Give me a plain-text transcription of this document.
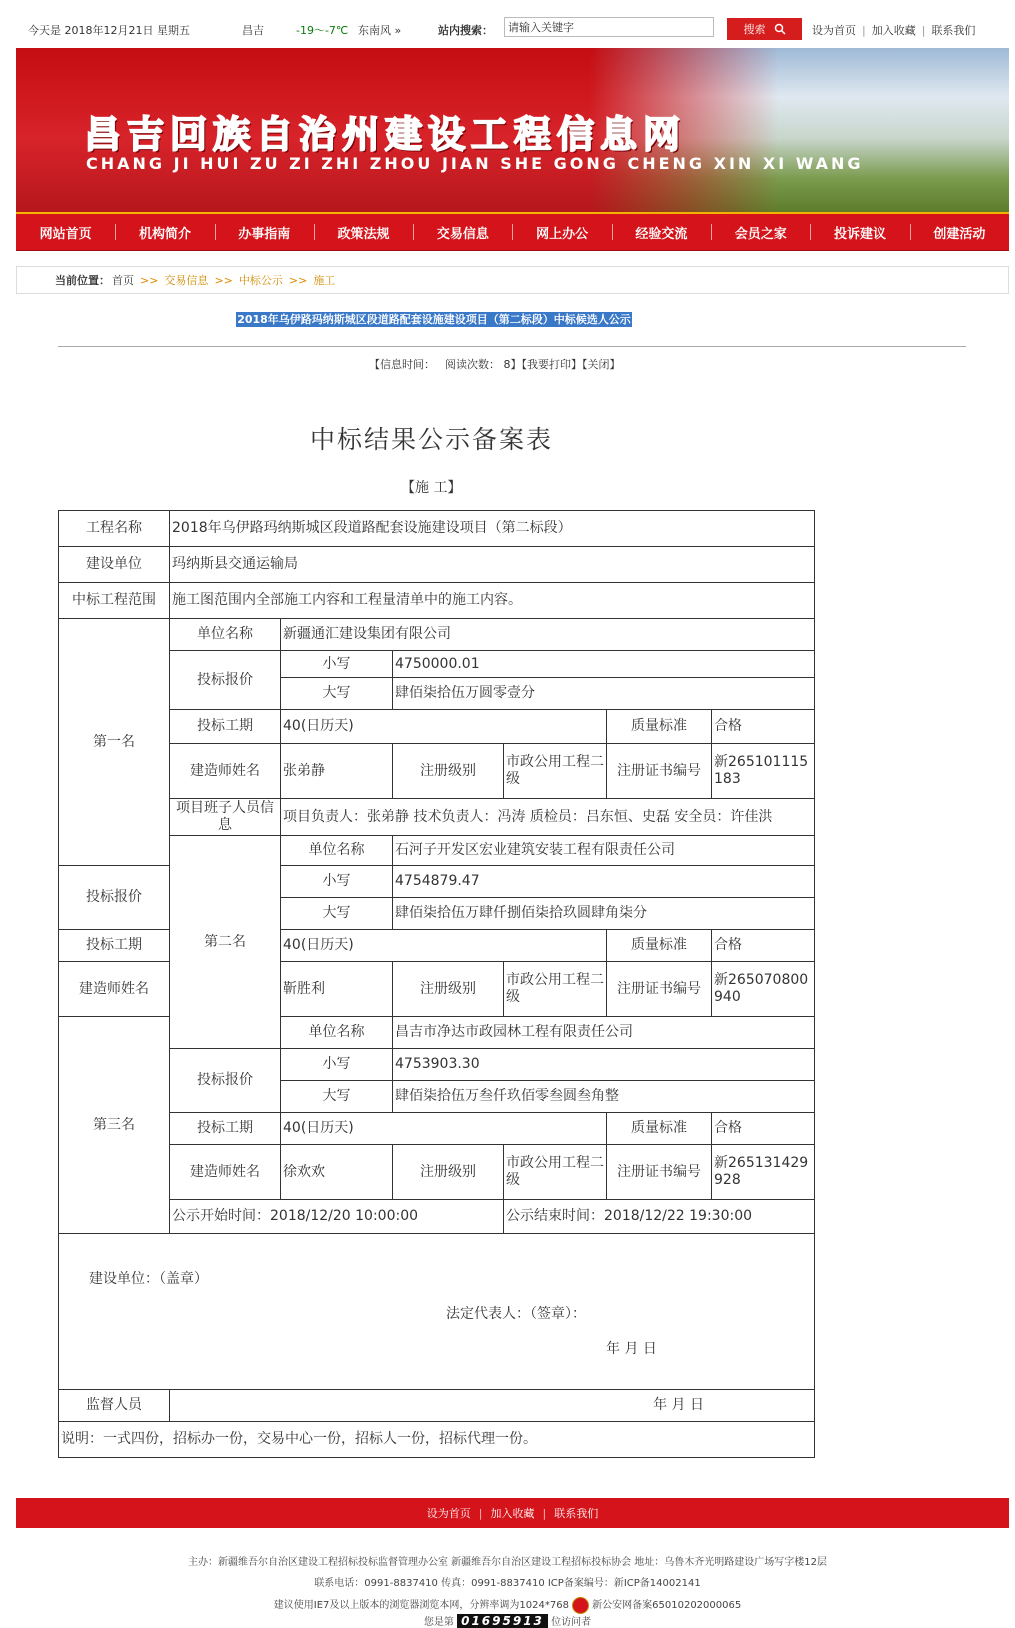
今天是 2018年12月21日 星期五	昌吉	-19～-7℃ 东南风 »	站内搜索：
请输入关键字	搜索	设为首页 | 加入收藏 | 联系我们
昌吉回族自治州建设工程信息网
CHANG JI HUI ZU ZI ZHI ZHOU JIAN SHE GONG CHENG XIN XI WANG
网站首页	机构简介	办事指南	政策法规	交易信息	网上办公	经验交流	会员之家	投诉建议	创建活动
当前位置： 首页 >> 交易信息 >> 中标公示 >> 施工
2018年乌伊路玛纳斯城区段道路配套设施建设项目（第二标段）中标候选人公示
【信息时间： 阅读次数： 8】【我要打印】【关闭】
中标结果公示备案表
【施 工】
工程名称	2018年乌伊路玛纳斯城区段道路配套设施建设项目（第二标段）					
建设单位	玛纳斯县交通运输局					
中标工程范围	施工图范围内全部施工内容和工程量清单中的施工内容。					
第一名	单位名称	新疆通汇建设集团有限公司				
	投标报价	小写	4750000.01			
		大写	肆佰柒拾伍万圆零壹分			
	投标工期	40(日历天)			质量标准	合格
	建造师姓名	张弟静	注册级别	市政公用工程二级	注册证书编号	新265101115183
	项目班子人员信息	项目负责人：张弟静 技术负责人：冯涛 质检员：吕东恒、史磊 安全员：许佳洪				
	第二名	单位名称	石河子开发区宏业建筑安装工程有限责任公司			
投标报价		小写	4754879.47			
		大写	肆佰柒拾伍万肆仟捌佰柒拾玖圆肆角柒分			
投标工期		40(日历天)			质量标准	合格
建造师姓名		靳胜利	注册级别	市政公用工程二级	注册证书编号	新265070800940
第三名		单位名称	昌吉市净达市政园林工程有限责任公司			
	投标报价	小写	4753903.30			
		大写	肆佰柒拾伍万叁仟玖佰零叁圆叁角整			
	投标工期	40(日历天)			质量标准	合格
	建造师姓名	徐欢欢	注册级别	市政公用工程二级	注册证书编号	新265131429928
	公示开始时间：2018/12/20 10:00:00			公示结束时间：2018/12/22 19:30:00		

建设单位：（盖章）
法定代表人：（签章）：
年 月 日						

监督人员	年 月 日					
说明：一式四份，招标办一份，交易中心一份，招标人一份，招标代理一份。						
设为首页 | 加入收藏 | 联系我们
主办：新疆维吾尔自治区建设工程招标投标监督管理办公室 新疆维吾尔自治区建设工程招标投标协会 地址：乌鲁木齐光明路建设广场写字楼12层
联系电话：0991-8837410 传真：0991-8837410 ICP备案编号：新ICP备14002141
建议使用IE7及以上版本的浏览器浏览本网，分辨率调为1024*768 新公安网备案65010202000065
您是第 01695913 位访问者
